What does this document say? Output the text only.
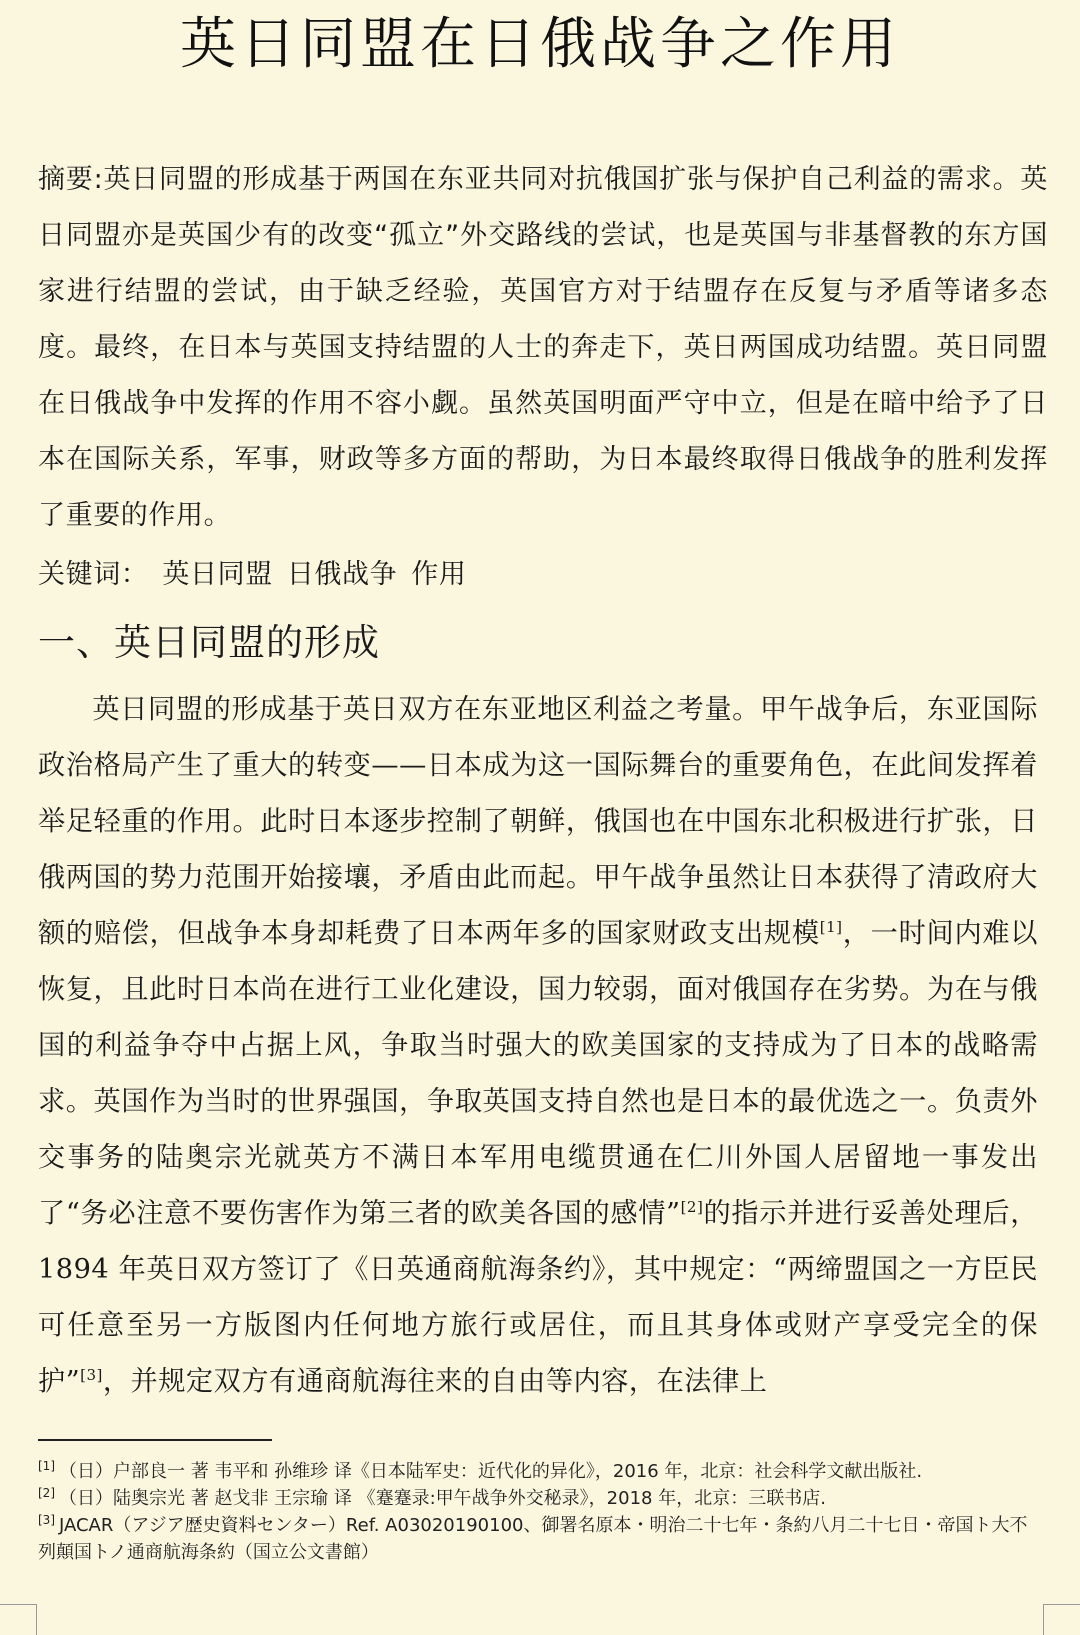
英日同盟在日俄战争之作用
摘要:英日同盟的形成基于两国在东亚共同对抗俄国扩张与保护自己利益的需求。英日同盟亦是英国少有的改变“孤立”外交路线的尝试，也是英国与非基督教的东方国家进行结盟的尝试，由于缺乏经验，英国官方对于结盟存在反复与矛盾等诸多态度。最终，在日本与英国支持结盟的人士的奔走下，英日两国成功结盟。英日同盟在日俄战争中发挥的作用不容小觑。虽然英国明面严守中立，但是在暗中给予了日本在国际关系，军事，财政等多方面的帮助，为日本最终取得日俄战争的胜利发挥了重要的作用。
关键词： 英日同盟 日俄战争 作用
一、英日同盟的形成
英日同盟的形成基于英日双方在东亚地区利益之考量。甲午战争后，东亚国际政治格局产生了重大的转变——日本成为这一国际舞台的重要角色，在此间发挥着举足轻重的作用。此时日本逐步控制了朝鲜，俄国也在中国东北积极进行扩张，日俄两国的势力范围开始接壤，矛盾由此而起。甲午战争虽然让日本获得了清政府大额的赔偿，但战争本身却耗费了日本两年多的国家财政支出规模[1]，一时间内难以恢复，且此时日本尚在进行工业化建设，国力较弱，面对俄国存在劣势。为在与俄国的利益争夺中占据上风，争取当时强大的欧美国家的支持成为了日本的战略需求。英国作为当时的世界强国，争取英国支持自然也是日本的最优选之一。负责外交事务的陆奥宗光就英方不满日本军用电缆贯通在仁川外国人居留地一事发出了“务必注意不要伤害作为第三者的欧美各国的感情”[2]的指示并进行妥善处理后，1894 年英日双方签订了《日英通商航海条约》，其中规定：“两缔盟国之一方臣民可任意至另一方版图内任何地方旅行或居住，而且其身体或财产享受完全的保护”[3]，并规定双方有通商航海往来的自由等内容，在法律上

[1] （日）户部良一 著 韦平和 孙维珍 译《日本陆军史：近代化的异化》，2016 年，北京：社会科学文献出版社.

[2] （日）陆奥宗光 著 赵戈非 王宗瑜 译 《蹇蹇录:甲午战争外交秘录》，2018 年，北京：三联书店.

[3] JACAR（アジア歴史資料センター）Ref. A03020190100、御署名原本・明治二十七年・条約八月二十七日・帝国ト大不列顛国トノ通商航海条約（国立公文書館）
